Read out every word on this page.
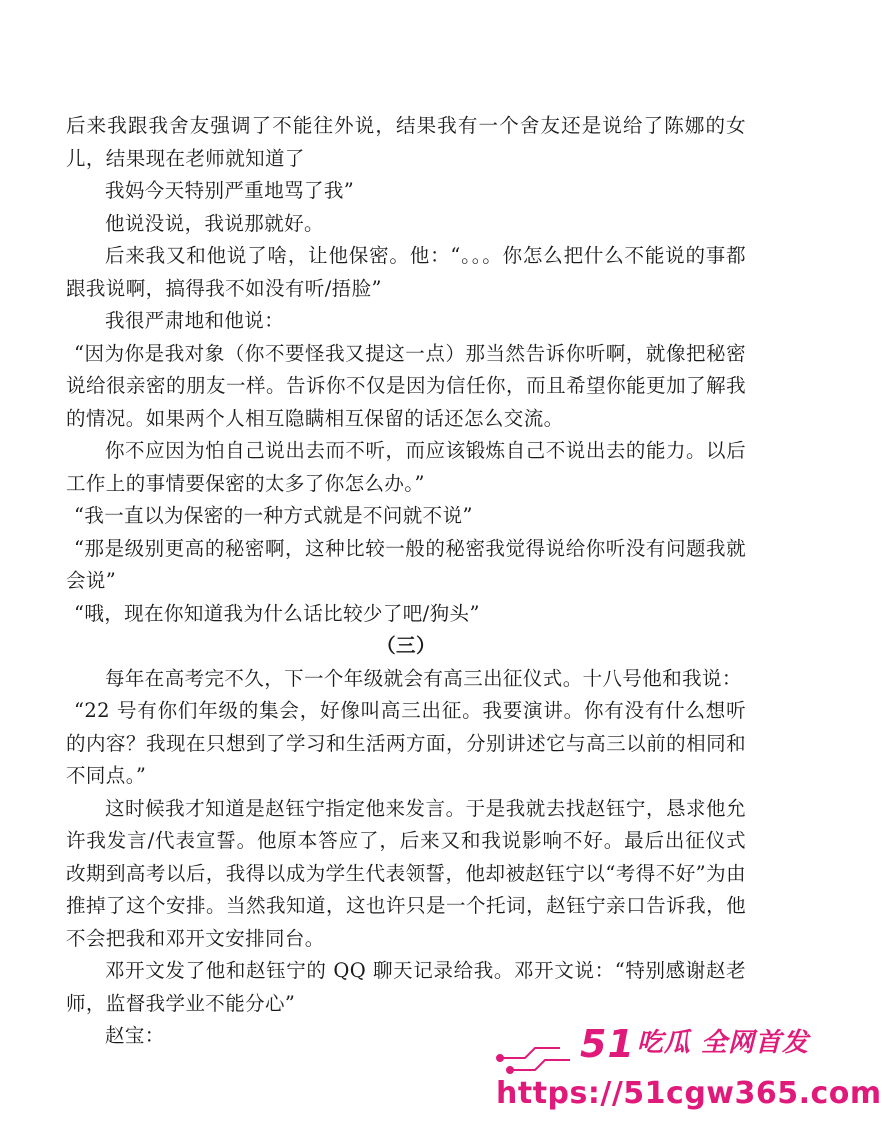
后来我跟我舍友强调了不能往外说，结果我有一个舍友还是说给了陈娜的女儿，结果现在老师就知道了

我妈今天特别严重地骂了我”

他说没说，我说那就好。

后来我又和他说了啥，让他保密。他：“。。。你怎么把什么不能说的事都跟我说啊，搞得我不如没有听/捂脸”

我很严肃地和他说：

“因为你是我对象（你不要怪我又提这一点）那当然告诉你听啊，就像把秘密说给很亲密的朋友一样。告诉你不仅是因为信任你，而且希望你能更加了解我的情况。如果两个人相互隐瞒相互保留的话还怎么交流。

你不应因为怕自己说出去而不听，而应该锻炼自己不说出去的能力。以后工作上的事情要保密的太多了你怎么办。”

“我一直以为保密的一种方式就是不问就不说”

“那是级别更高的秘密啊，这种比较一般的秘密我觉得说给你听没有问题我就会说”

“哦，现在你知道我为什么话比较少了吧/狗头”

（三）

每年在高考完不久，下一个年级就会有高三出征仪式。十八号他和我说：

“22 号有你们年级的集会，好像叫高三出征。我要演讲。你有没有什么想听的内容？我现在只想到了学习和生活两方面，分别讲述它与高三以前的相同和不同点。”

这时候我才知道是赵钰宁指定他来发言。于是我就去找赵钰宁，恳求他允许我发言/代表宣誓。他原本答应了，后来又和我说影响不好。最后出征仪式改期到高考以后，我得以成为学生代表领誓，他却被赵钰宁以“考得不好”为由推掉了这个安排。当然我知道，这也许只是一个托词，赵钰宁亲口告诉我，他不会把我和邓开文安排同台。

邓开文发了他和赵钰宁的 QQ 聊天记录给我。邓开文说：“特别感谢赵老师，监督我学业不能分心”

赵宝：	51吃瓜 全网首发
https://51cgw365.com
